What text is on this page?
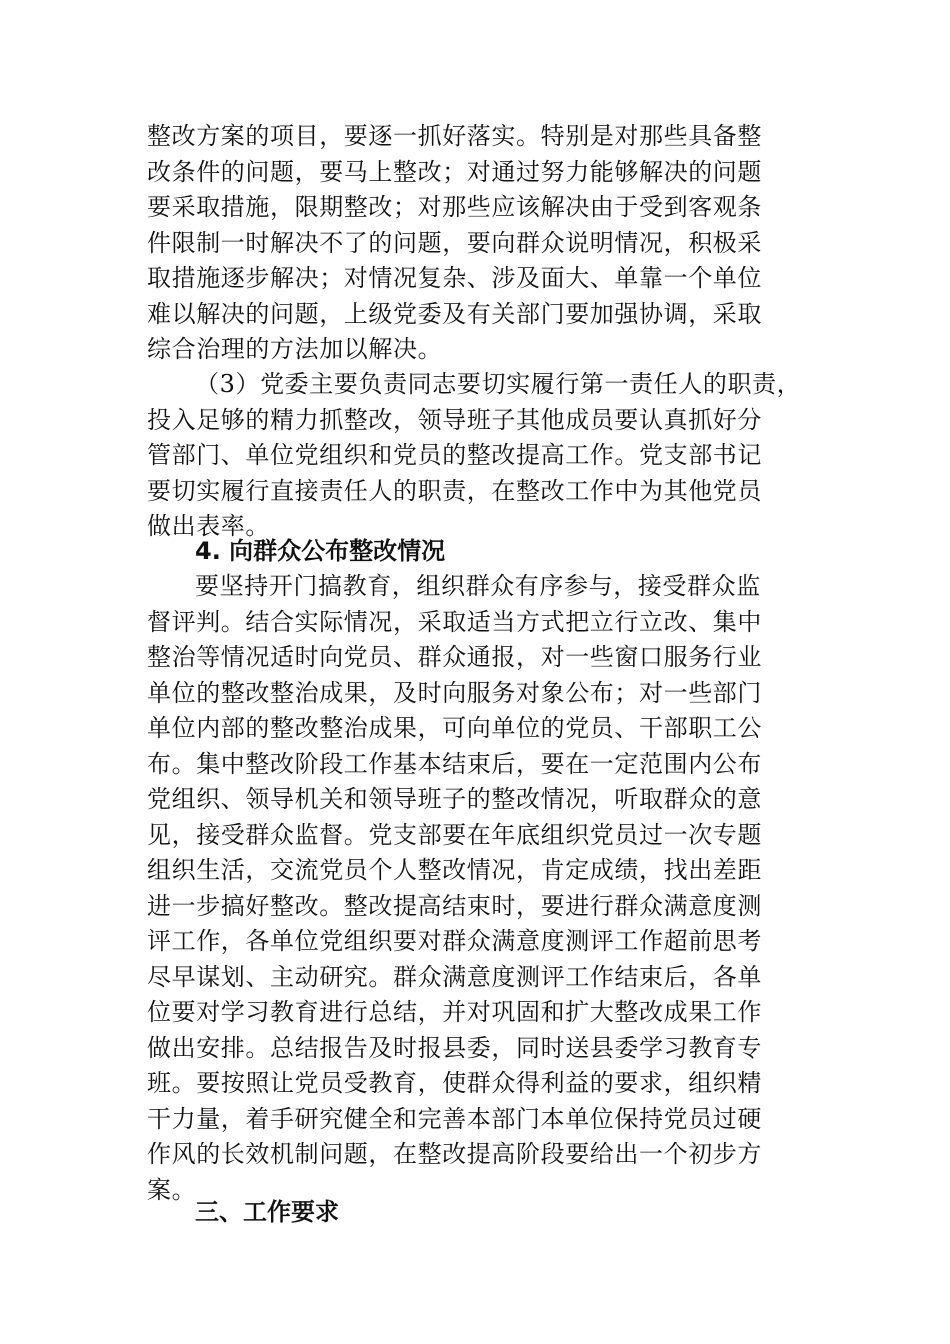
整改方案的项目，要逐一抓好落实。特别是对那些具备整
改条件的问题，要马上整改；对通过努力能够解决的问题
要采取措施，限期整改；对那些应该解决由于受到客观条
件限制一时解决不了的问题，要向群众说明情况，积极采
取措施逐步解决；对情况复杂、涉及面大、单靠一个单位
难以解决的问题，上级党委及有关部门要加强协调，采取
综合治理的方法加以解决。
（3）党委主要负责同志要切实履行第一责任人的职责，
投入足够的精力抓整改，领导班子其他成员要认真抓好分
管部门、单位党组织和党员的整改提高工作。党支部书记
要切实履行直接责任人的职责，在整改工作中为其他党员
做出表率。
4. 向群众公布整改情况
要坚持开门搞教育，组织群众有序参与，接受群众监
督评判。结合实际情况，采取适当方式把立行立改、集中
整治等情况适时向党员、群众通报，对一些窗口服务行业
单位的整改整治成果，及时向服务对象公布；对一些部门
单位内部的整改整治成果，可向单位的党员、干部职工公
布。集中整改阶段工作基本结束后，要在一定范围内公布
党组织、领导机关和领导班子的整改情况，听取群众的意
见，接受群众监督。党支部要在年底组织党员过一次专题
组织生活，交流党员个人整改情况，肯定成绩，找出差距
进一步搞好整改。整改提高结束时，要进行群众满意度测
评工作，各单位党组织要对群众满意度测评工作超前思考
尽早谋划、主动研究。群众满意度测评工作结束后，各单
位要对学习教育进行总结，并对巩固和扩大整改成果工作
做出安排。总结报告及时报县委，同时送县委学习教育专
班。要按照让党员受教育，使群众得利益的要求，组织精
干力量，着手研究健全和完善本部门本单位保持党员过硬
作风的长效机制问题，在整改提高阶段要给出一个初步方
案。
三、工作要求
